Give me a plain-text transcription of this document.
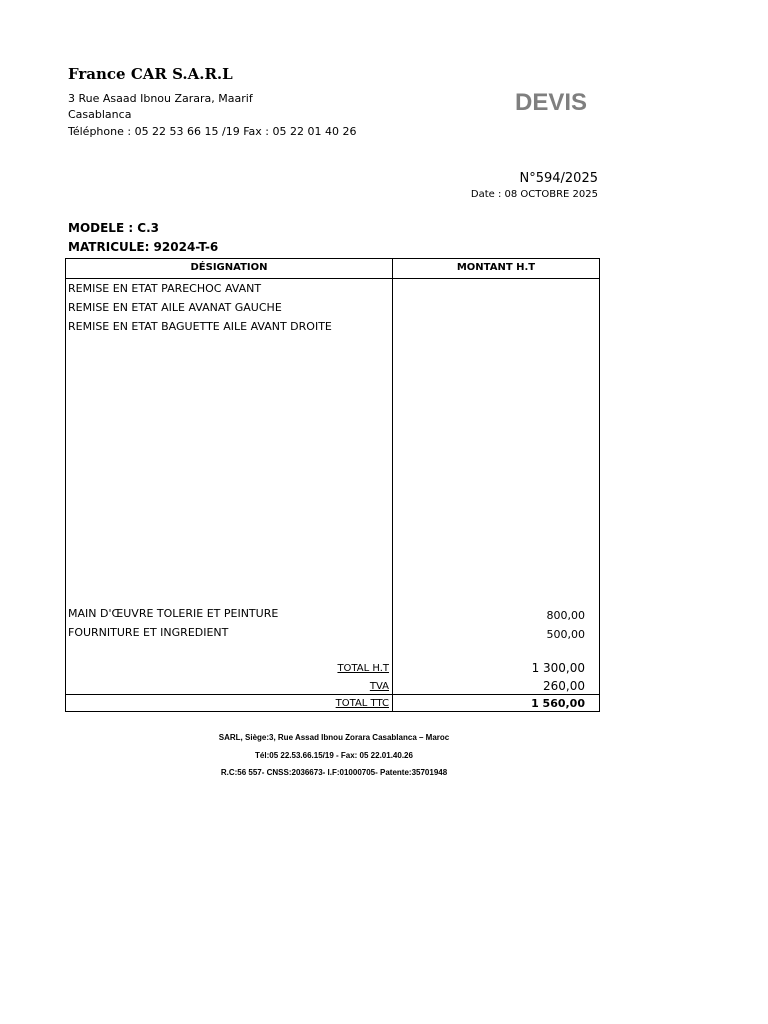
France CAR S.A.R.L
3 Rue Asaad Ibnou Zarara, Maarif
Casablanca
Téléphone : 05 22 53 66 15 /19 Fax : 05 22 01 40 26
DEVIS
N°594/2025
Date : 08 OCTOBRE 2025
MODELE : C.3
MATRICULE: 92024-T-6
DÉSIGNATION	MONTANT H.T
REMISE EN ETAT PARECHOC AVANT
REMISE EN ETAT AILE AVANAT GAUCHE
REMISE EN ETAT BAGUETTE AILE AVANT DROITE
MAIN D'ŒUVRE TOLERIE ET PEINTURE	800,00
FOURNITURE ET INGREDIENT	500,00
TOTAL H.T	1 300,00
TVA	260,00
TOTAL TTC	1 560,00
SARL, Siège:3, Rue Assad Ibnou Zorara Casablanca – Maroc
Tél:05 22.53.66.15/19 - Fax: 05 22.01.40.26
R.C:56 557- CNSS:2036673- I.F:01000705- Patente:35701948
